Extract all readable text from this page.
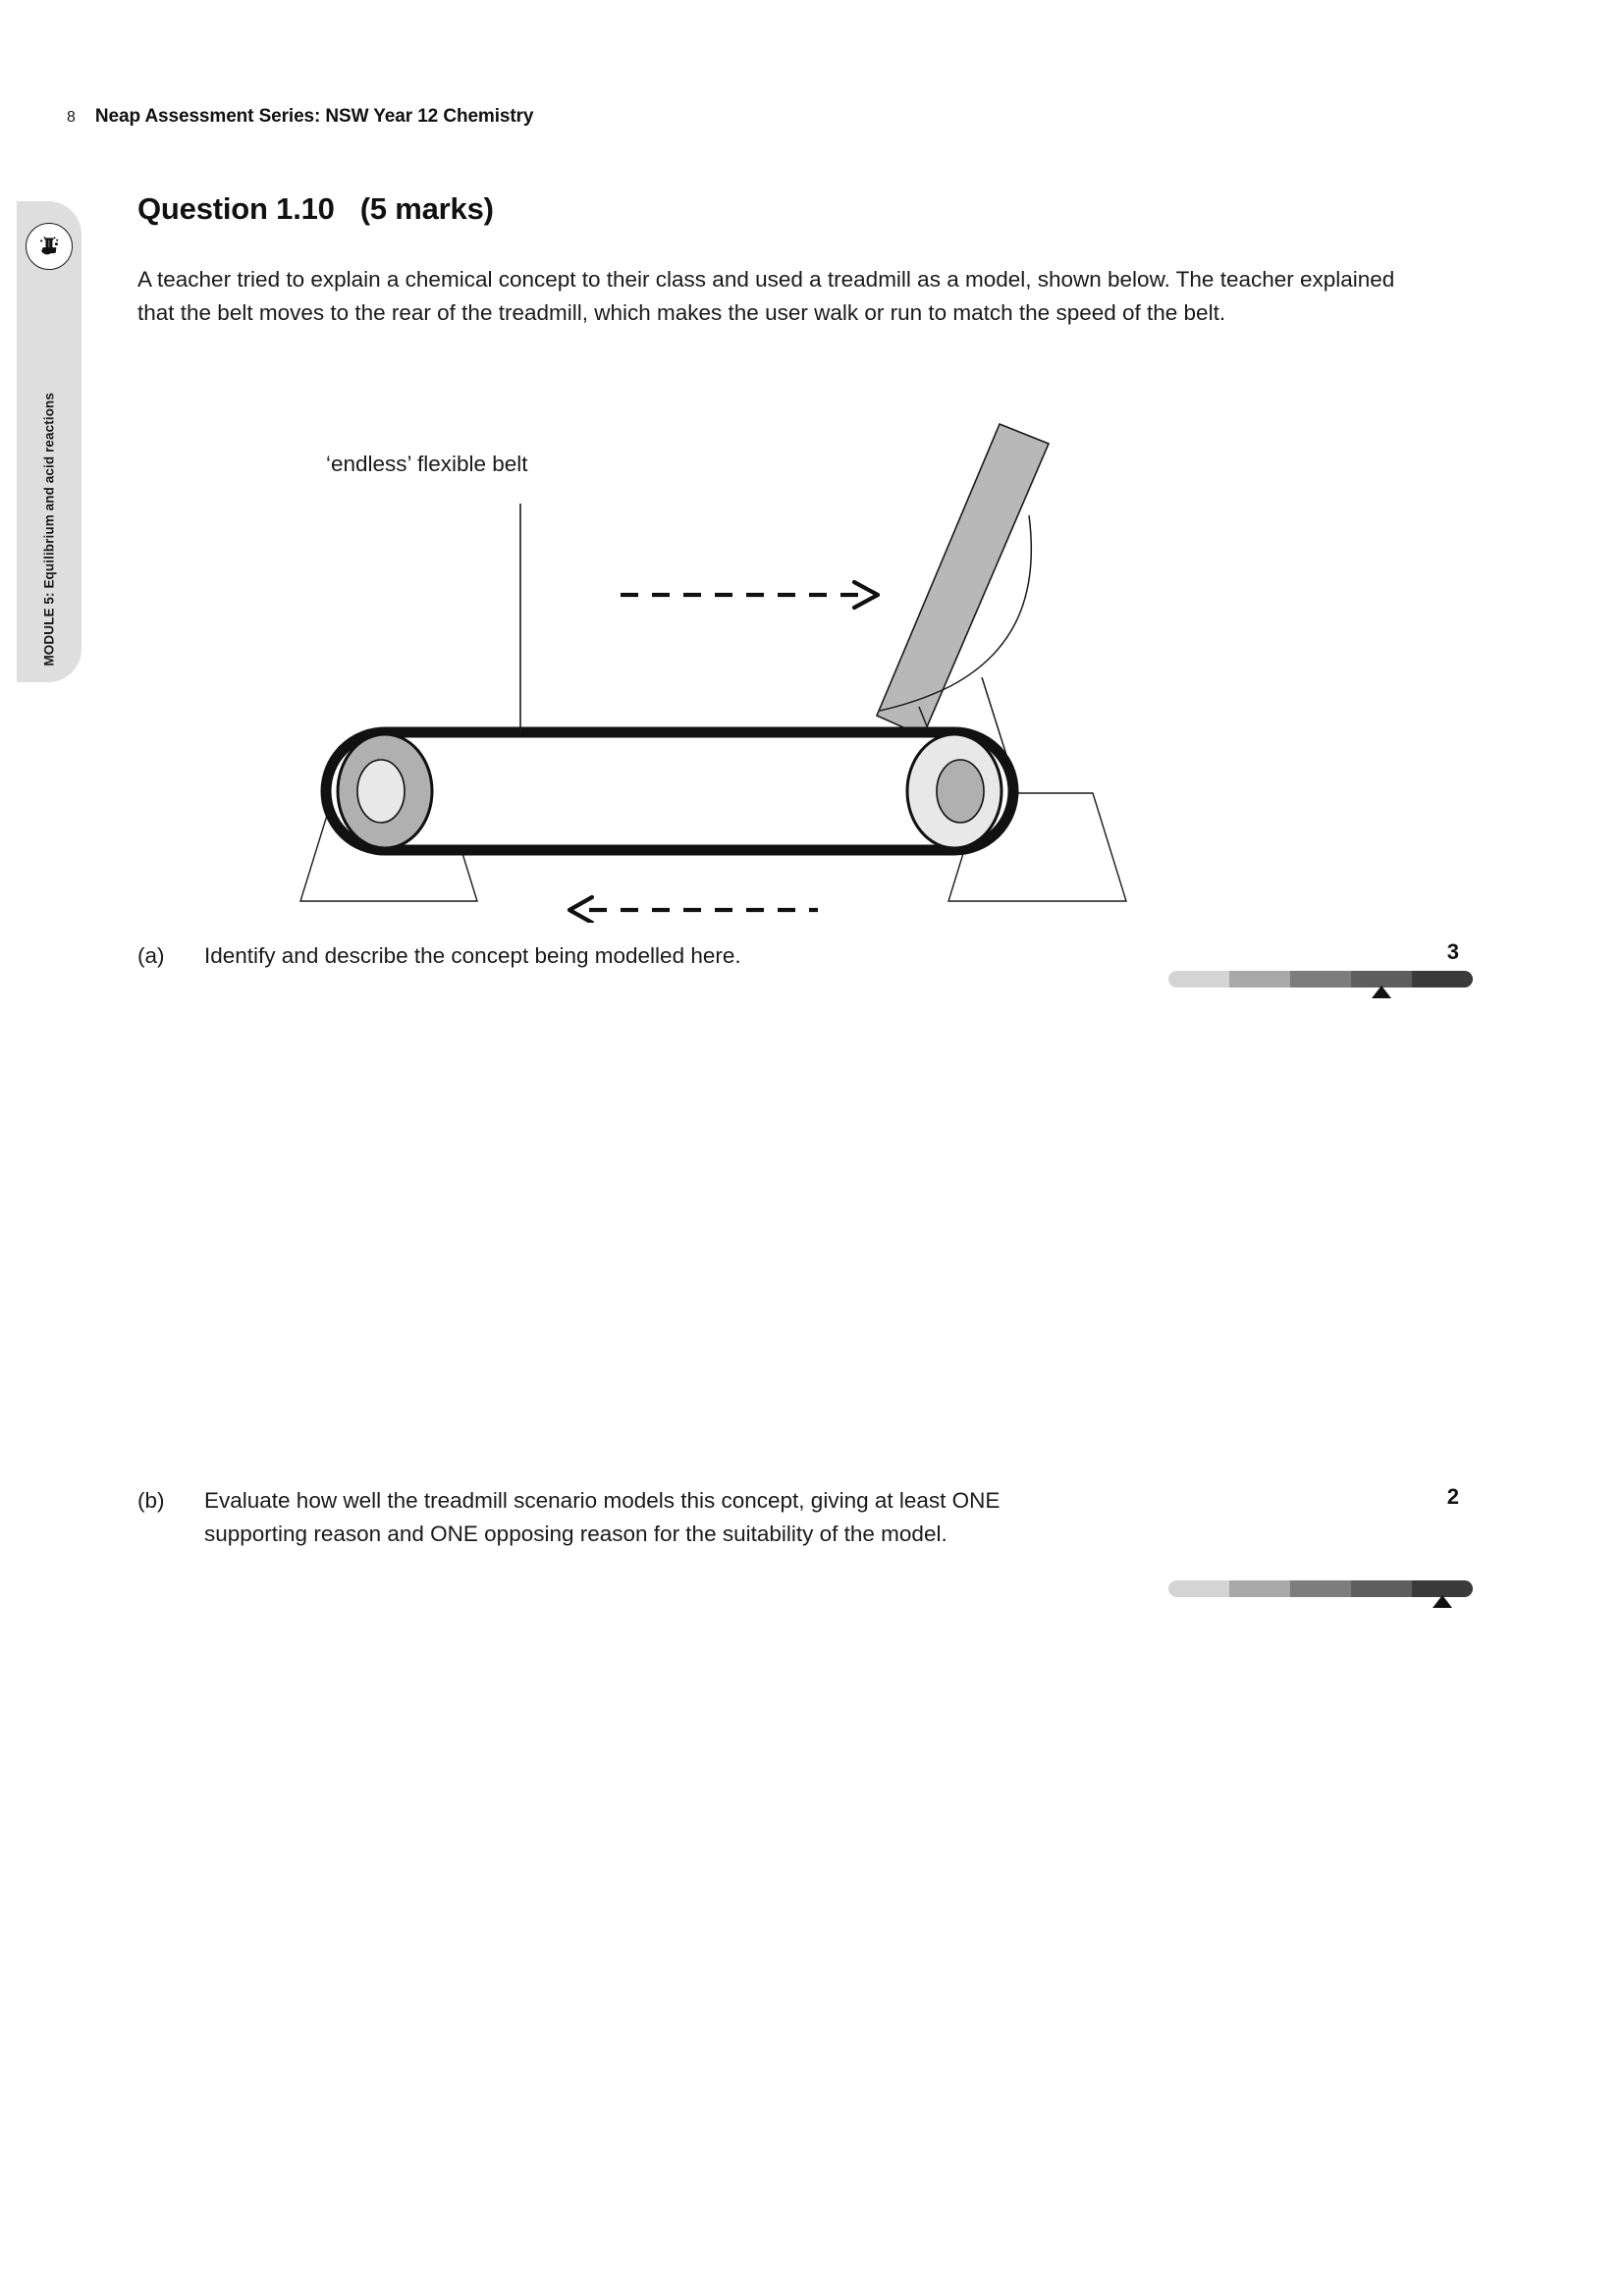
8 Neap Assessment Series: NSW Year 12 Chemistry
MODULE 5: Equilibrium and acid reactions
Question 1.10 (5 marks)
A teacher tried to explain a chemical concept to their class and used a treadmill as a model, shown below. The teacher explained that the belt moves to the rear of the treadmill, which makes the user walk or run to match the speed of the belt.
‘endless’ flexible belt
(a) Identify and describe the concept being modelled here.	3
(b) Evaluate how well the treadmill scenario models this concept, giving at least ONE supporting reason and ONE opposing reason for the suitability of the model.
2
